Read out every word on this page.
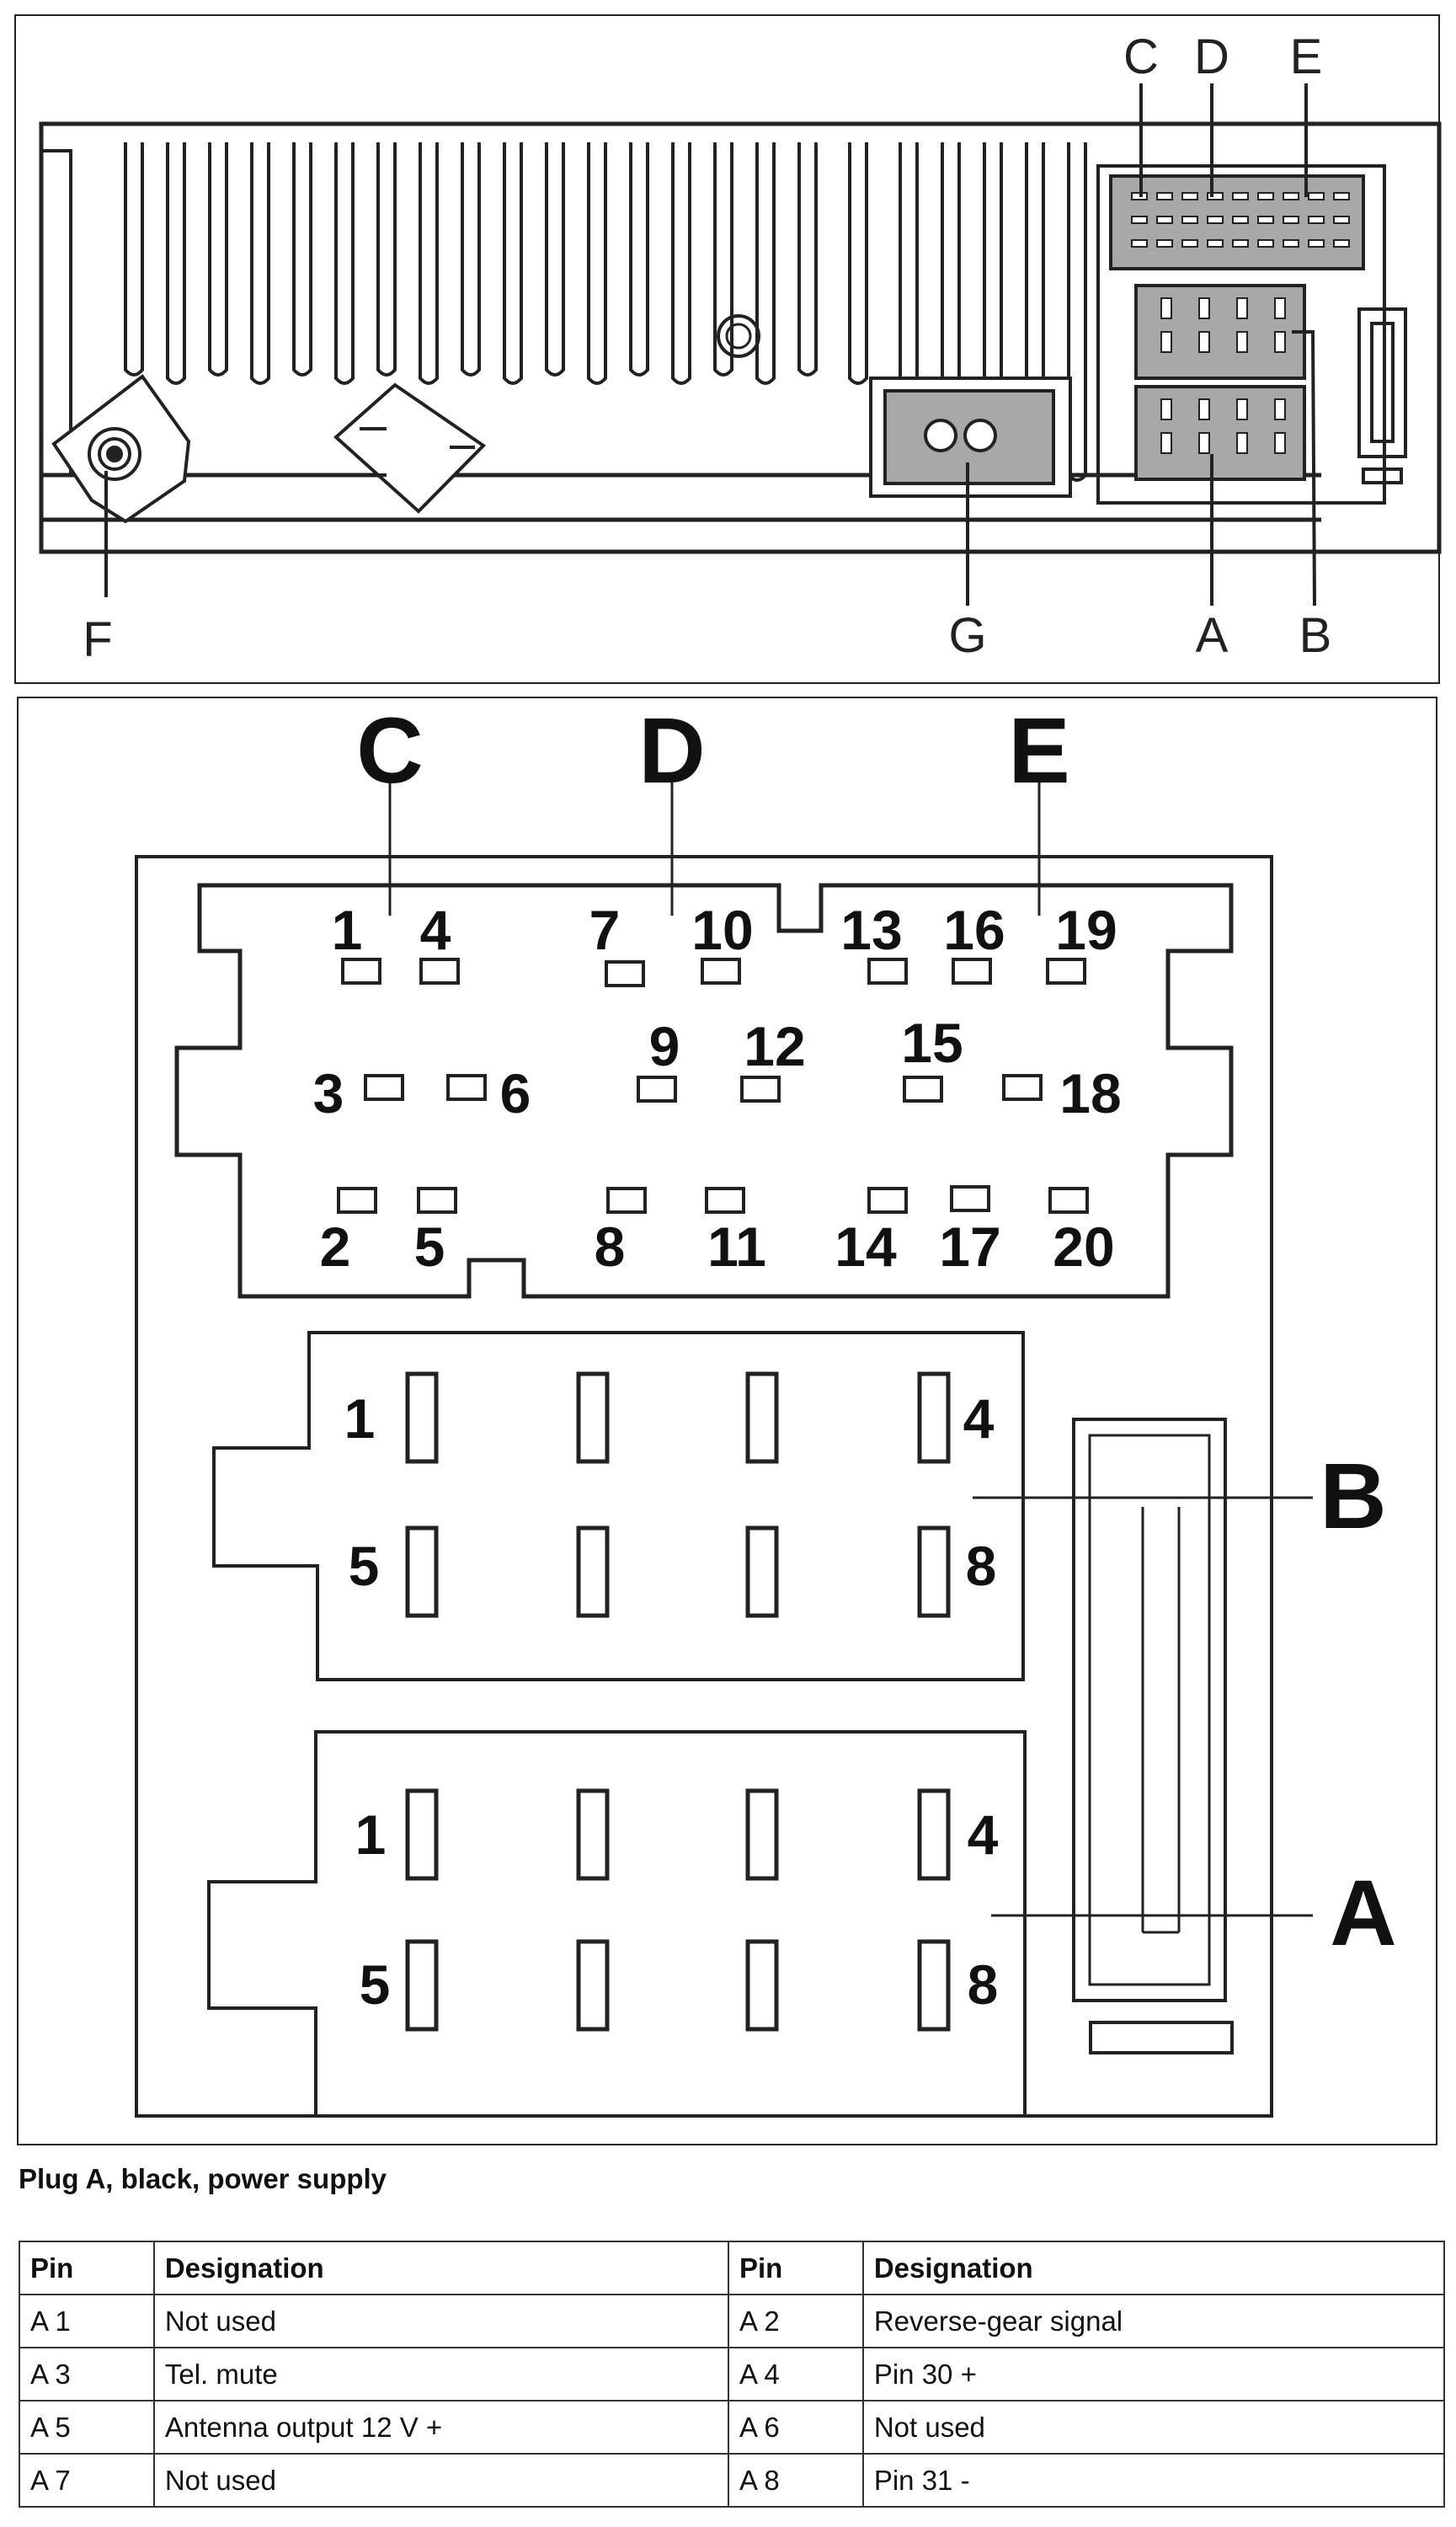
C D E
F	G	A B
C D	E
B
A
1 4 7 10 13 16 19
9 12 15
3	6	18
2 5	8 11 14 17 20
1	4
5	8
1	4
5	8
Plug A, black, power supply
Pin	Designation	Pin	Designation
A 1	Not used	A 2	Reverse-gear signal
A 3	Tel. mute	A 4	Pin 30 +
A 5	Antenna output 12 V +	A 6	Not used
A 7	Not used	A 8	Pin 31 -
